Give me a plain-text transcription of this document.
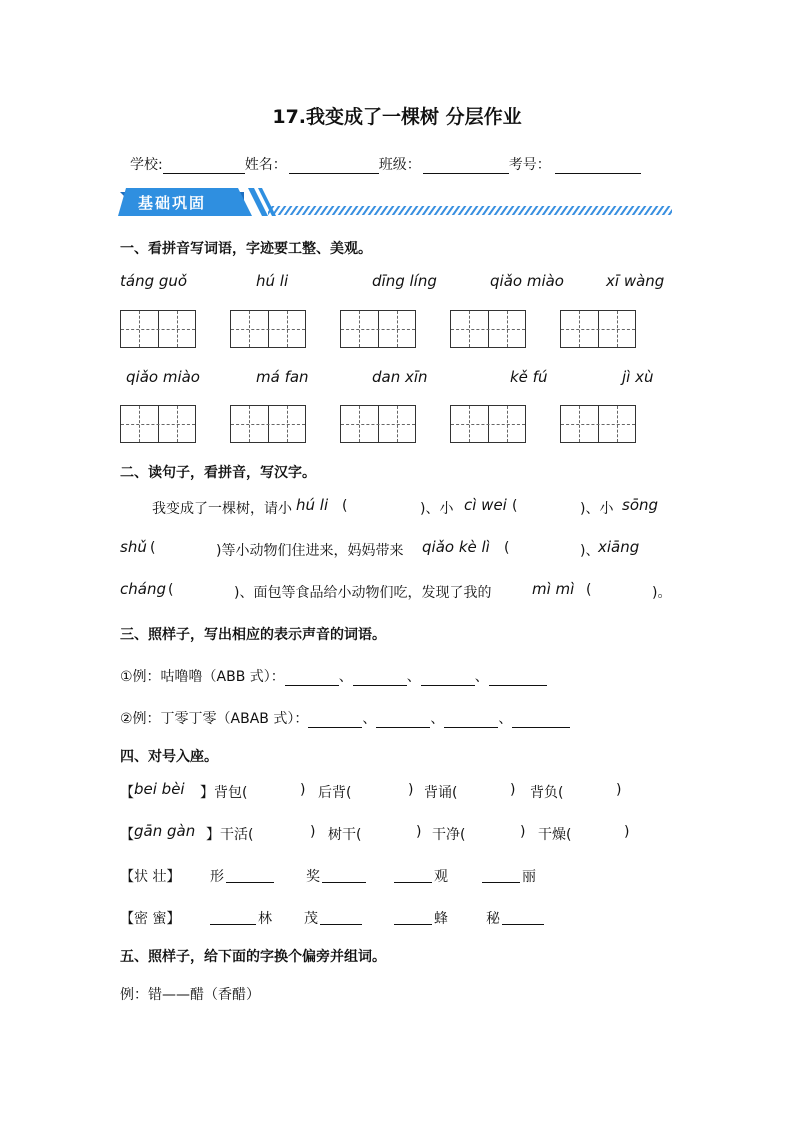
17.我变成了一棵树 分层作业
学校:	姓名：	班级：	考号：
基础巩固
一、看拼音写词语，字迹要工整、美观。
táng guǒ	hú li	dīng líng	qiǎo miào	xī wàng
qiǎo miào	má fan	dan xīn	kě fú	jì xù
二、读句子，看拼音，写汉字。
我变成了一棵树，请小 hú li (	)、小 cì wei (	)、小 sōng
shǔ (	)等小动物们住进来，妈妈带来 qiǎo kè lì (	)、
xiāng
cháng (	)、面包等食品给小动物们吃，发现了我的	mì mì (	)。
三、照样子，写出相应的表示声音的词语。
①例：咕噜噜（ABB 式）：	、	、	、
②例：丁零丁零（ABAB 式）：	、	、	、
四、对号入座。
【 bei bèi 】 背包(	) 后背(	) 背诵(	) 背负(	)
【 gān gàn 】 干活(	) 树干(	) 干净(	) 干燥(	)
【状 壮】 形	奖	观	丽
【密 蜜】	林 茂	蜂	秘
五、照样子，给下面的字换个偏旁并组词。
例：错——醋（香醋）
